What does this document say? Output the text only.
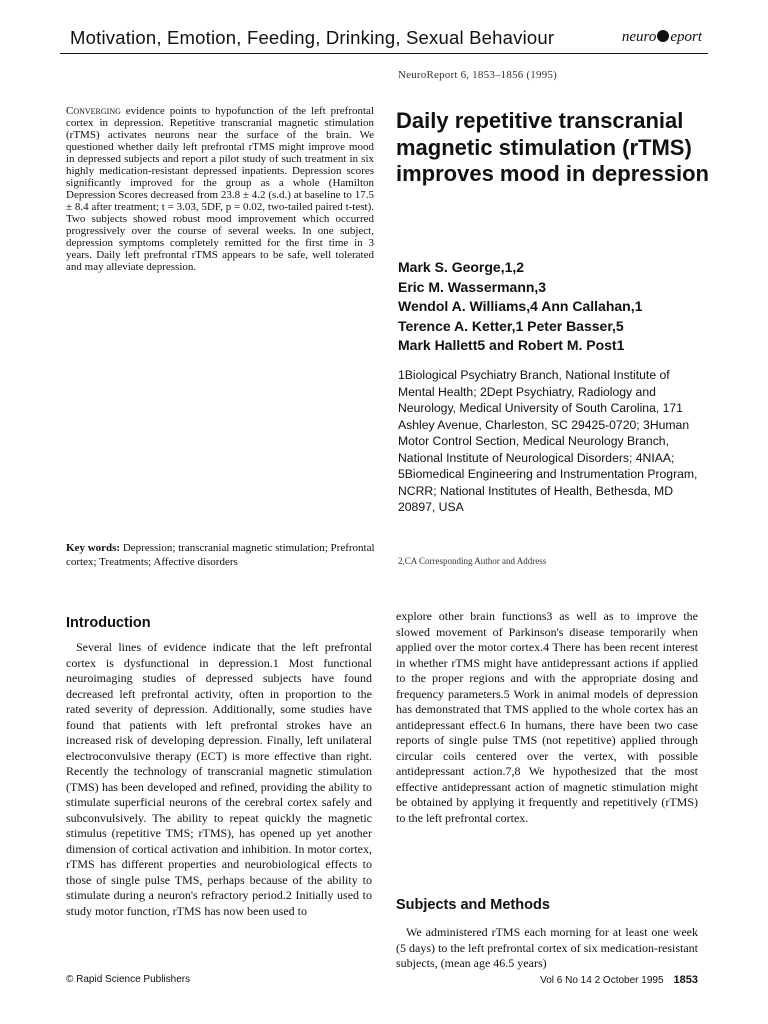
Motivation, Emotion, Feeding, Drinking, Sexual Behaviour	neuro eport
NeuroReport 6, 1853–1856 (1995)

Converging evidence points to hypofunction of the left prefrontal cortex in depression. Repetitive transcranial magnetic stimulation (rTMS) activates neurons near the surface of the brain. We questioned whether daily left prefrontal rTMS might improve mood in depressed subjects and report a pilot study of such treatment in six highly medication-resistant depressed inpatients. Depression scores significantly improved for the group as a whole (Hamilton Depression Scores decreased from 23.8 ± 4.2 (s.d.) at baseline to 17.5 ± 8.4 after treatment; t = 3.03, 5DF, p = 0.02, two-tailed paired t-test). Two subjects showed robust mood improvement which occurred progressively over the course of several weeks. In one subject, depression symptoms completely remitted for the first time in 3 years. Daily left prefrontal rTMS appears to be safe, well tolerated and may alleviate depression.

Daily repetitive transcranial magnetic stimulation (rTMS) improves mood in depression
Mark S. George,1,2
Eric M. Wassermann,3
Wendol A. Williams,4 Ann Callahan,1
Terence A. Ketter,1 Peter Basser,5
Mark Hallett5 and Robert M. Post1

1Biological Psychiatry Branch, National Institute of Mental Health; 2Dept Psychiatry, Radiology and Neurology, Medical University of South Carolina, 171 Ashley Avenue, Charleston, SC 29425-0720; 3Human Motor Control Section, Medical Neurology Branch, National Institute of Neurological Disorders; 4NIAA; 5Biomedical Engineering and Instrumentation Program, NCRR; National Institutes of Health, Bethesda, MD 20897, USA

Key words: Depression; transcranial magnetic stimulation; Prefrontal cortex; Treatments; Affective disorders	2,CA Corresponding Author and Address
Introduction

Several lines of evidence indicate that the left prefrontal cortex is dysfunctional in depression.1 Most functional neuroimaging studies of depressed subjects have found decreased left prefrontal activity, often in proportion to the rated severity of depression. Additionally, some studies have found that patients with left prefrontal strokes have an increased risk of developing depression. Finally, left unilateral electroconvulsive therapy (ECT) is more effective than right. Recently the technology of transcranial magnetic stimulation (TMS) has been developed and refined, providing the ability to stimulate superficial neurons of the cerebral cortex safely and subconvulsively. The ability to repeat quickly the magnetic stimulus (repetitive TMS; rTMS), has opened up yet another dimension of cortical activation and inhibition. In motor cortex, rTMS has different properties and neurobiological effects to those of single pulse TMS, perhaps because of the ability to stimulate during a neuron's refractory period.2 Initially used to study motor function, rTMS has now been used to

explore other brain functions3 as well as to improve the slowed movement of Parkinson's disease temporarily when applied over the motor cortex.4 There has been recent interest in whether rTMS might have antidepressant actions if applied to the proper regions and with the appropriate dosing and frequency parameters.5 Work in animal models of depression has demonstrated that TMS applied to the whole cortex has an antidepressant effect.6 In humans, there have been two case reports of single pulse TMS (not repetitive) applied through circular coils centered over the vertex, with possible antidepressant action.7,8 We hypothesized that the most effective antidepressant action of magnetic stimulation might be obtained by applying it frequently and repetitively (rTMS) to the left prefrontal cortex.

Subjects and Methods

We administered rTMS each morning for at least one week (5 days) to the left prefrontal cortex of six medication-resistant subjects, (mean age 46.5 years)

© Rapid Science Publishers	Vol 6 No 14 2 October 1995 1853
